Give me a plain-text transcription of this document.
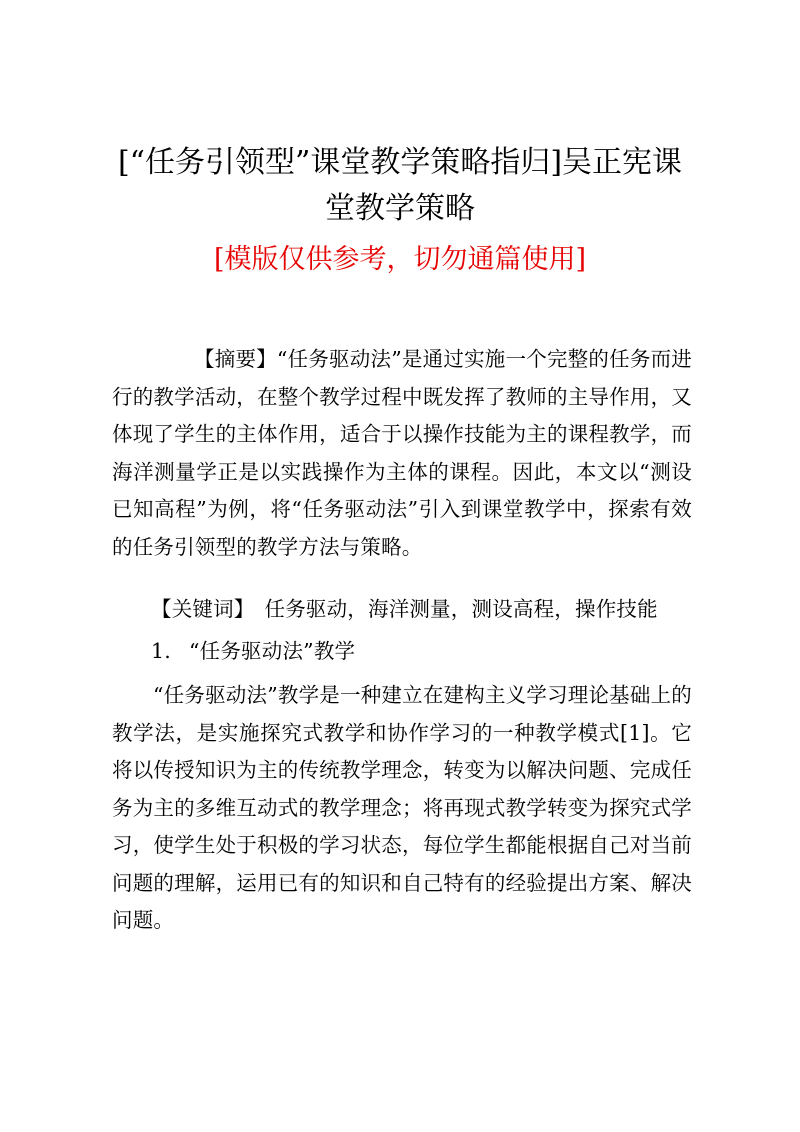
[“任务引领型”课堂教学策略指归]吴正宪课
堂教学策略

[模版仅供参考，切勿通篇使用]

【摘要】“任务驱动法”是通过实施一个完整的任务而进行的教学活动，在整个教学过程中既发挥了教师的主导作用，又体现了学生的主体作用，适合于以操作技能为主的课程教学，而海洋测量学正是以实践操作为主体的课程。因此，本文以“测设已知高程”为例，将“任务驱动法”引入到课堂教学中，探索有效的任务引领型的教学方法与策略。

【关键词】 任务驱动，海洋测量，测设高程，操作技能

1. “任务驱动法”教学

“任务驱动法”教学是一种建立在建构主义学习理论基础上的教学法，是实施探究式教学和协作学习的一种教学模式[1]。它将以传授知识为主的传统教学理念，转变为以解决问题、完成任务为主的多维互动式的教学理念；将再现式教学转变为探究式学习，使学生处于积极的学习状态，每位学生都能根据自己对当前问题的理解，运用已有的知识和自己特有的经验提出方案、解决问题。
